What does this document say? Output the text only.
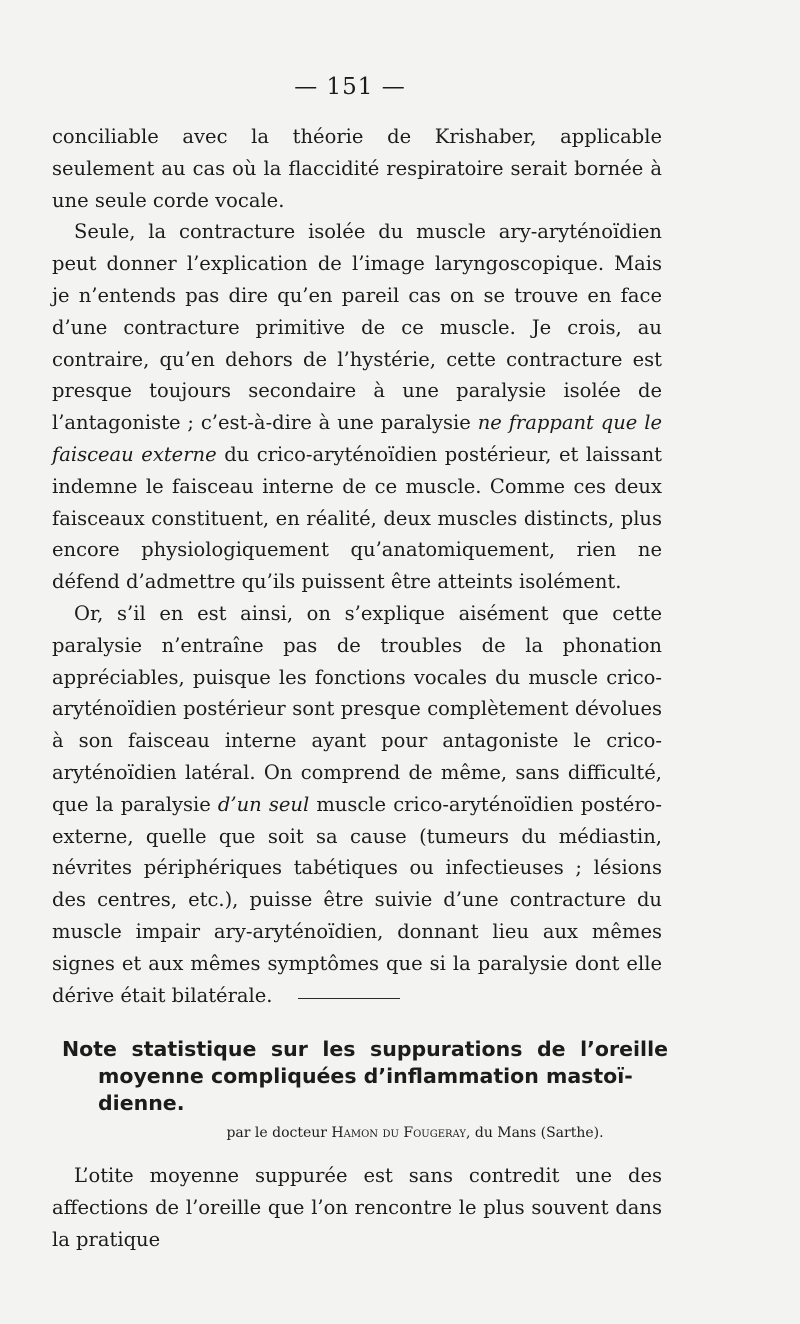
— 151 —

conciliable avec la théorie de Krishaber, applicable seulement au cas où la flaccidité respiratoire serait bornée à une seule corde vocale.

Seule, la contracture isolée du muscle ary-aryténoïdien peut donner l’explication de l’image laryngoscopique. Mais je n’entends pas dire qu’en pareil cas on se trouve en face d’une contracture primitive de ce muscle. Je crois, au contraire, qu’en dehors de l’hystérie, cette contracture est presque toujours secondaire à une paralysie isolée de l’antagoniste ; c’est-à-dire à une paralysie ne frappant que le faisceau externe du crico-aryténoïdien postérieur, et laissant indemne le faisceau interne de ce muscle. Comme ces deux faisceaux constituent, en réalité, deux muscles distincts, plus encore physiologiquement qu’anatomiquement, rien ne défend d’admettre qu’ils puissent être atteints isolément.

Or, s’il en est ainsi, on s’explique aisément que cette paralysie n’entraîne pas de troubles de la phonation appréciables, puisque les fonctions vocales du muscle crico-aryténoïdien postérieur sont presque complètement dévolues à son faisceau interne ayant pour antagoniste le crico-aryténoïdien latéral. On comprend de même, sans difficulté, que la paralysie d’un seul muscle crico-aryténoïdien postéro-externe, quelle que soit sa cause (tumeurs du médiastin, névrites périphériques tabétiques ou infectieuses ; lésions des centres, etc.), puisse être suivie d’une contracture du muscle impair ary-aryténoïdien, donnant lieu aux mêmes signes et aux mêmes symptômes que si la paralysie dont elle dérive était bilatérale.

Note statistique sur les suppurations de l’oreille
moyenne compliquées d’inflammation mastoï-
dienne.
par le docteur Hamon du Fougeray, du Mans (Sarthe).

L’otite moyenne suppurée est sans contredit une des affections de l’oreille que l’on rencontre le plus souvent dans la pratique
